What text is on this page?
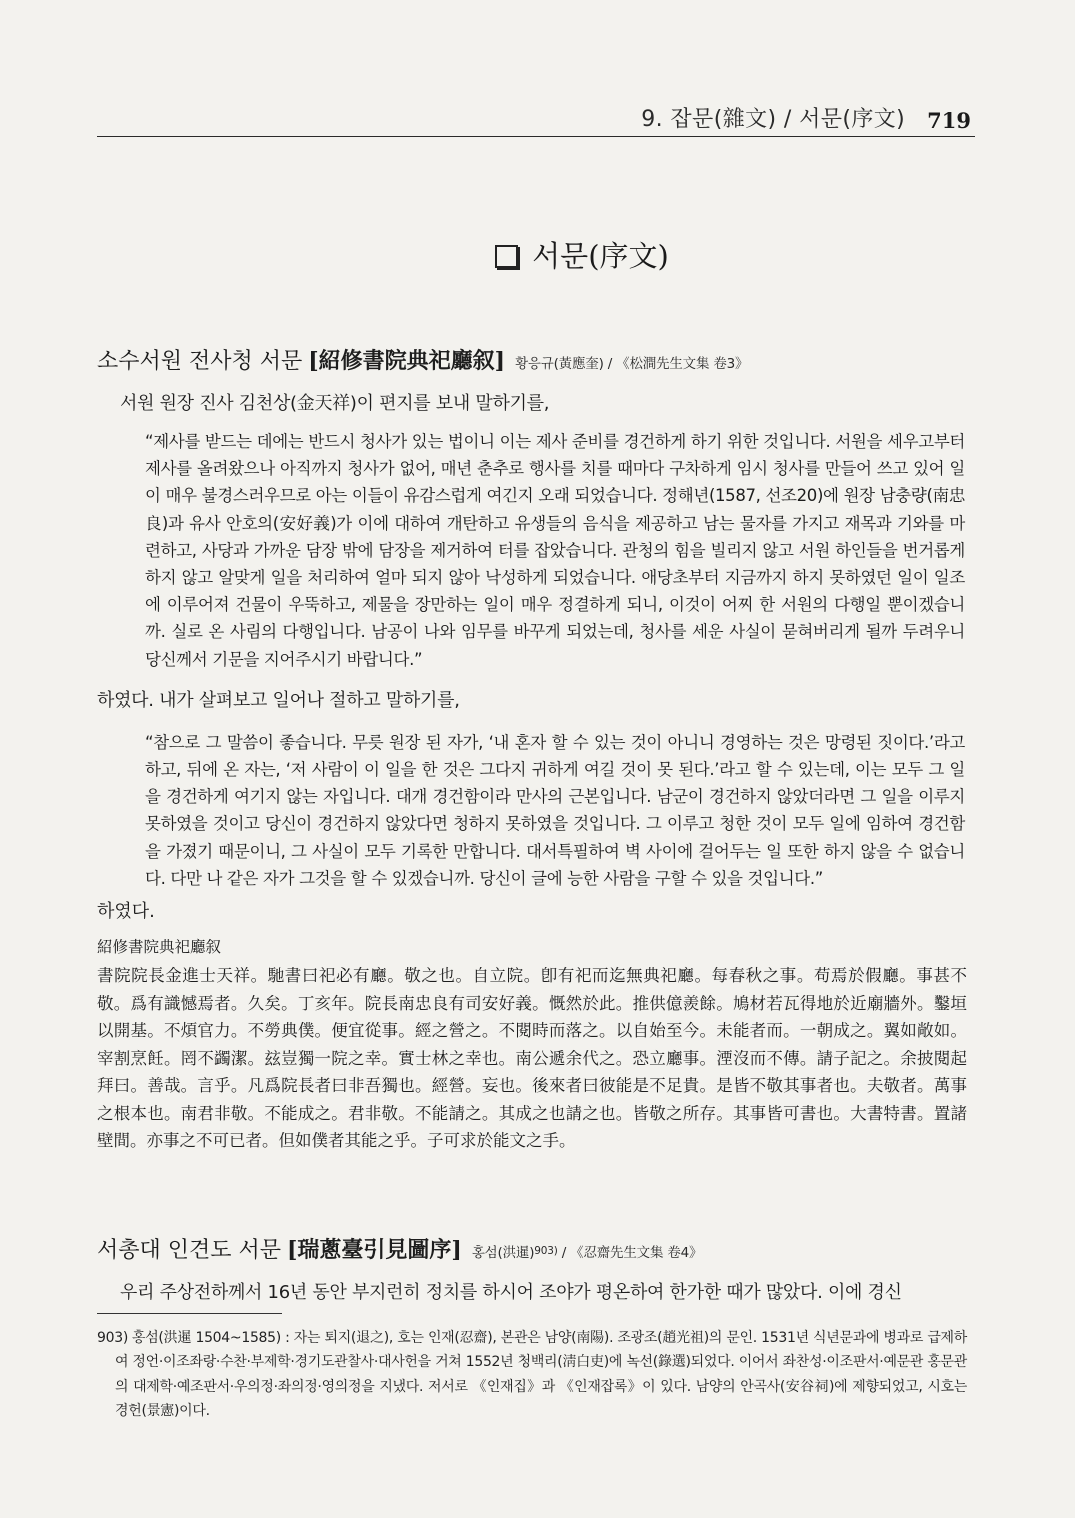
9. 잡문(雜文) / 서문(序文) 719
서문(序文)
소수서원 전사청 서문 [紹修書院典祀廳叙] 황응규(黃應奎) / 《松澗先生文集 卷3》
서원 원장 진사 김천상(金天祥)이 편지를 보내 말하기를,
“제사를 받드는 데에는 반드시 청사가 있는 법이니 이는 제사 준비를 경건하게 하기 위한 것입니다. 서원을 세우고부터 제사를 올려왔으나 아직까지 청사가 없어, 매년 춘추로 행사를 치를 때마다 구차하게 임시 청사를 만들어 쓰고 있어 일이 매우 불경스러우므로 아는 이들이 유감스럽게 여긴지 오래 되었습니다. 정해년(1587, 선조20)에 원장 남충량(南忠良)과 유사 안호의(安好義)가 이에 대하여 개탄하고 유생들의 음식을 제공하고 남는 물자를 가지고 재목과 기와를 마련하고, 사당과 가까운 담장 밖에 담장을 제거하여 터를 잡았습니다. 관청의 힘을 빌리지 않고 서원 하인들을 번거롭게 하지 않고 알맞게 일을 처리하여 얼마 되지 않아 낙성하게 되었습니다. 애당초부터 지금까지 하지 못하였던 일이 일조에 이루어져 건물이 우뚝하고, 제물을 장만하는 일이 매우 정결하게 되니, 이것이 어찌 한 서원의 다행일 뿐이겠습니까. 실로 온 사림의 다행입니다. 남공이 나와 임무를 바꾸게 되었는데, 청사를 세운 사실이 묻혀버리게 될까 두려우니 당신께서 기문을 지어주시기 바랍니다.”
하였다. 내가 살펴보고 일어나 절하고 말하기를,
“참으로 그 말씀이 좋습니다. 무릇 원장 된 자가, ‘내 혼자 할 수 있는 것이 아니니 경영하는 것은 망령된 짓이다.’라고 하고, 뒤에 온 자는, ‘저 사람이 이 일을 한 것은 그다지 귀하게 여길 것이 못 된다.’라고 할 수 있는데, 이는 모두 그 일을 경건하게 여기지 않는 자입니다. 대개 경건함이라 만사의 근본입니다. 남군이 경건하지 않았더라면 그 일을 이루지 못하였을 것이고 당신이 경건하지 않았다면 청하지 못하였을 것입니다. 그 이루고 청한 것이 모두 일에 임하여 경건함을 가졌기 때문이니, 그 사실이 모두 기록한 만합니다. 대서특필하여 벽 사이에 걸어두는 일 또한 하지 않을 수 없습니다. 다만 나 같은 자가 그것을 할 수 있겠습니까. 당신이 글에 능한 사람을 구할 수 있을 것입니다.”
하였다.
紹修書院典祀廳叙
書院院長金進士天祥。馳書曰祀必有廳。敬之也。自立院。卽有祀而迄無典祀廳。每春秋之事。苟焉於假廳。事甚不敬。爲有識憾焉者。久矣。丁亥年。院長南忠良有司安好義。慨然於此。推供億羨餘。鳩材若瓦得地於近廟牆外。鑿垣以開基。不煩官力。不勞典僕。便宜從事。經之營之。不閱時而落之。以自始至今。未能者而。一朝成之。翼如敞如。宰割烹飪。罔不蠲潔。玆豈獨一院之幸。實士林之幸也。南公遞余代之。恐立廳事。湮沒而不傳。請子記之。余披閱起拜曰。善哉。言乎。凡爲院長者曰非吾獨也。經營。妄也。後來者曰彼能是不足貴。是皆不敬其事者也。夫敬者。萬事之根本也。南君非敬。不能成之。君非敬。不能請之。其成之也請之也。皆敬之所存。其事皆可書也。大書特書。置諸壁間。亦事之不可已者。但如僕者其能之乎。子可求於能文之手。
서총대 인견도 서문 [瑞蔥臺引見圖序] 홍섬(洪暹)$^{903)}$ / 《忍齋先生文集 卷4》
우리 주상전하께서 16년 동안 부지런히 정치를 하시어 조야가 평온하여 한가한 때가 많았다. 이에 경신
903) 홍섬(洪暹 1504~1585) : 자는 퇴지(退之), 호는 인재(忍齋), 본관은 남양(南陽). 조광조(趙光祖)의 문인. 1531년 식년문과에 병과로 급제하여 정언·이조좌랑·수찬·부제학·경기도관찰사·대사헌을 거쳐 1552년 청백리(淸白吏)에 녹선(錄選)되었다. 이어서 좌찬성·이조판서·예문관 홍문관의 대제학·예조판서·우의정·좌의정·영의정을 지냈다. 저서로 《인재집》과 《인재잡록》이 있다. 남양의 안곡사(安谷祠)에 제향되었고, 시호는 경헌(景憲)이다.
